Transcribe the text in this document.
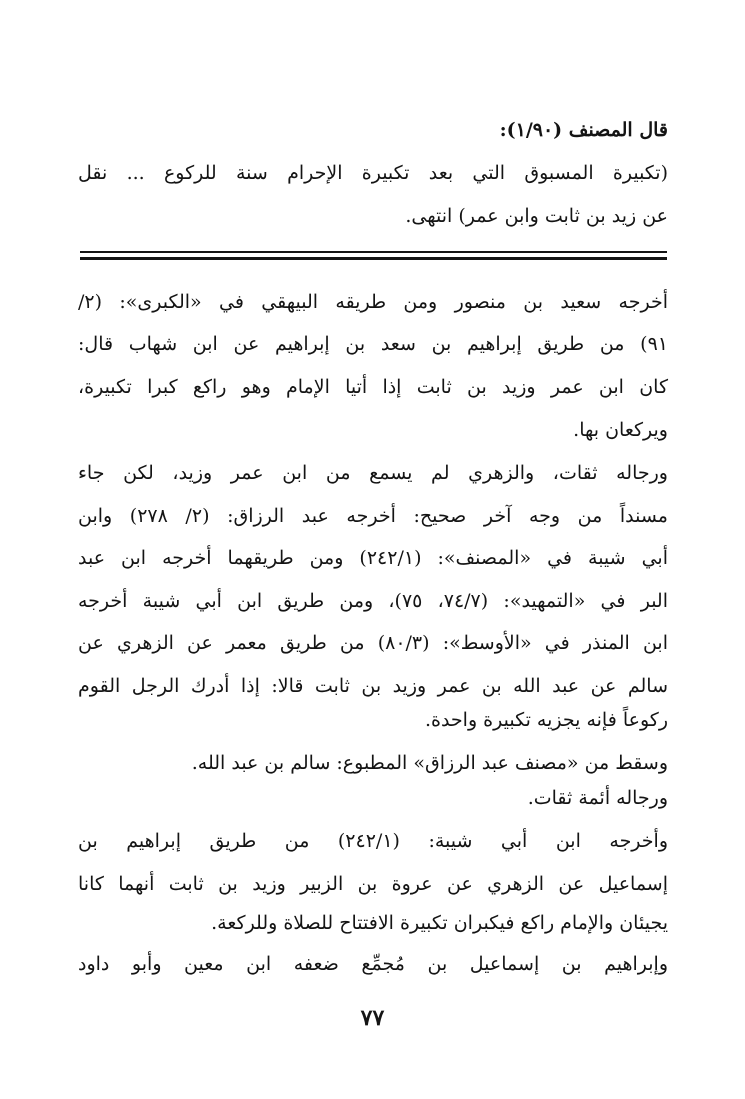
قال المصنف (١/٩٠):
(تكبيرة المسبوق التي بعد تكبيرة الإحرام سنة للركوع ... نقل
عن زيد بن ثابت وابن عمر) انتهى.
أخرجه سعيد بن منصور ومن طريقه البيهقي في «الكبرى»: (٢/
٩١) من طريق إبراهيم بن سعد بن إبراهيم عن ابن شهاب قال:
كان ابن عمر وزيد بن ثابت إذا أتيا الإمام وهو راكع كبرا تكبيرة،
ويركعان بها.
ورجاله ثقات، والزهري لم يسمع من ابن عمر وزيد، لكن جاء
مسنداً من وجه آخر صحيح: أخرجه عبد الرزاق: (٢/ ٢٧٨) وابن
أبي شيبة في «المصنف»: (٢٤٢/١) ومن طريقهما أخرجه ابن عبد
البر في «التمهيد»: (٧٤/٧، ٧٥)، ومن طريق ابن أبي شيبة أخرجه
ابن المنذر في «الأوسط»: (٨٠/٣) من طريق معمر عن الزهري عن
سالم عن عبد الله بن عمر وزيد بن ثابت قالا: إذا أدرك الرجل القوم
ركوعاً فإنه يجزيه تكبيرة واحدة.
وسقط من «مصنف عبد الرزاق» المطبوع: سالم بن عبد الله.
ورجاله أئمة ثقات.
وأخرجه ابن أبي شيبة: (٢٤٢/١) من طريق إبراهيم بن
إسماعيل عن الزهري عن عروة بن الزبير وزيد بن ثابت أنهما كانا
يجيئان والإمام راكع فيكبران تكبيرة الافتتاح للصلاة وللركعة.
وإبراهيم بن إسماعيل بن مُجمِّع ضعفه ابن معين وأبو داود
٧٧
